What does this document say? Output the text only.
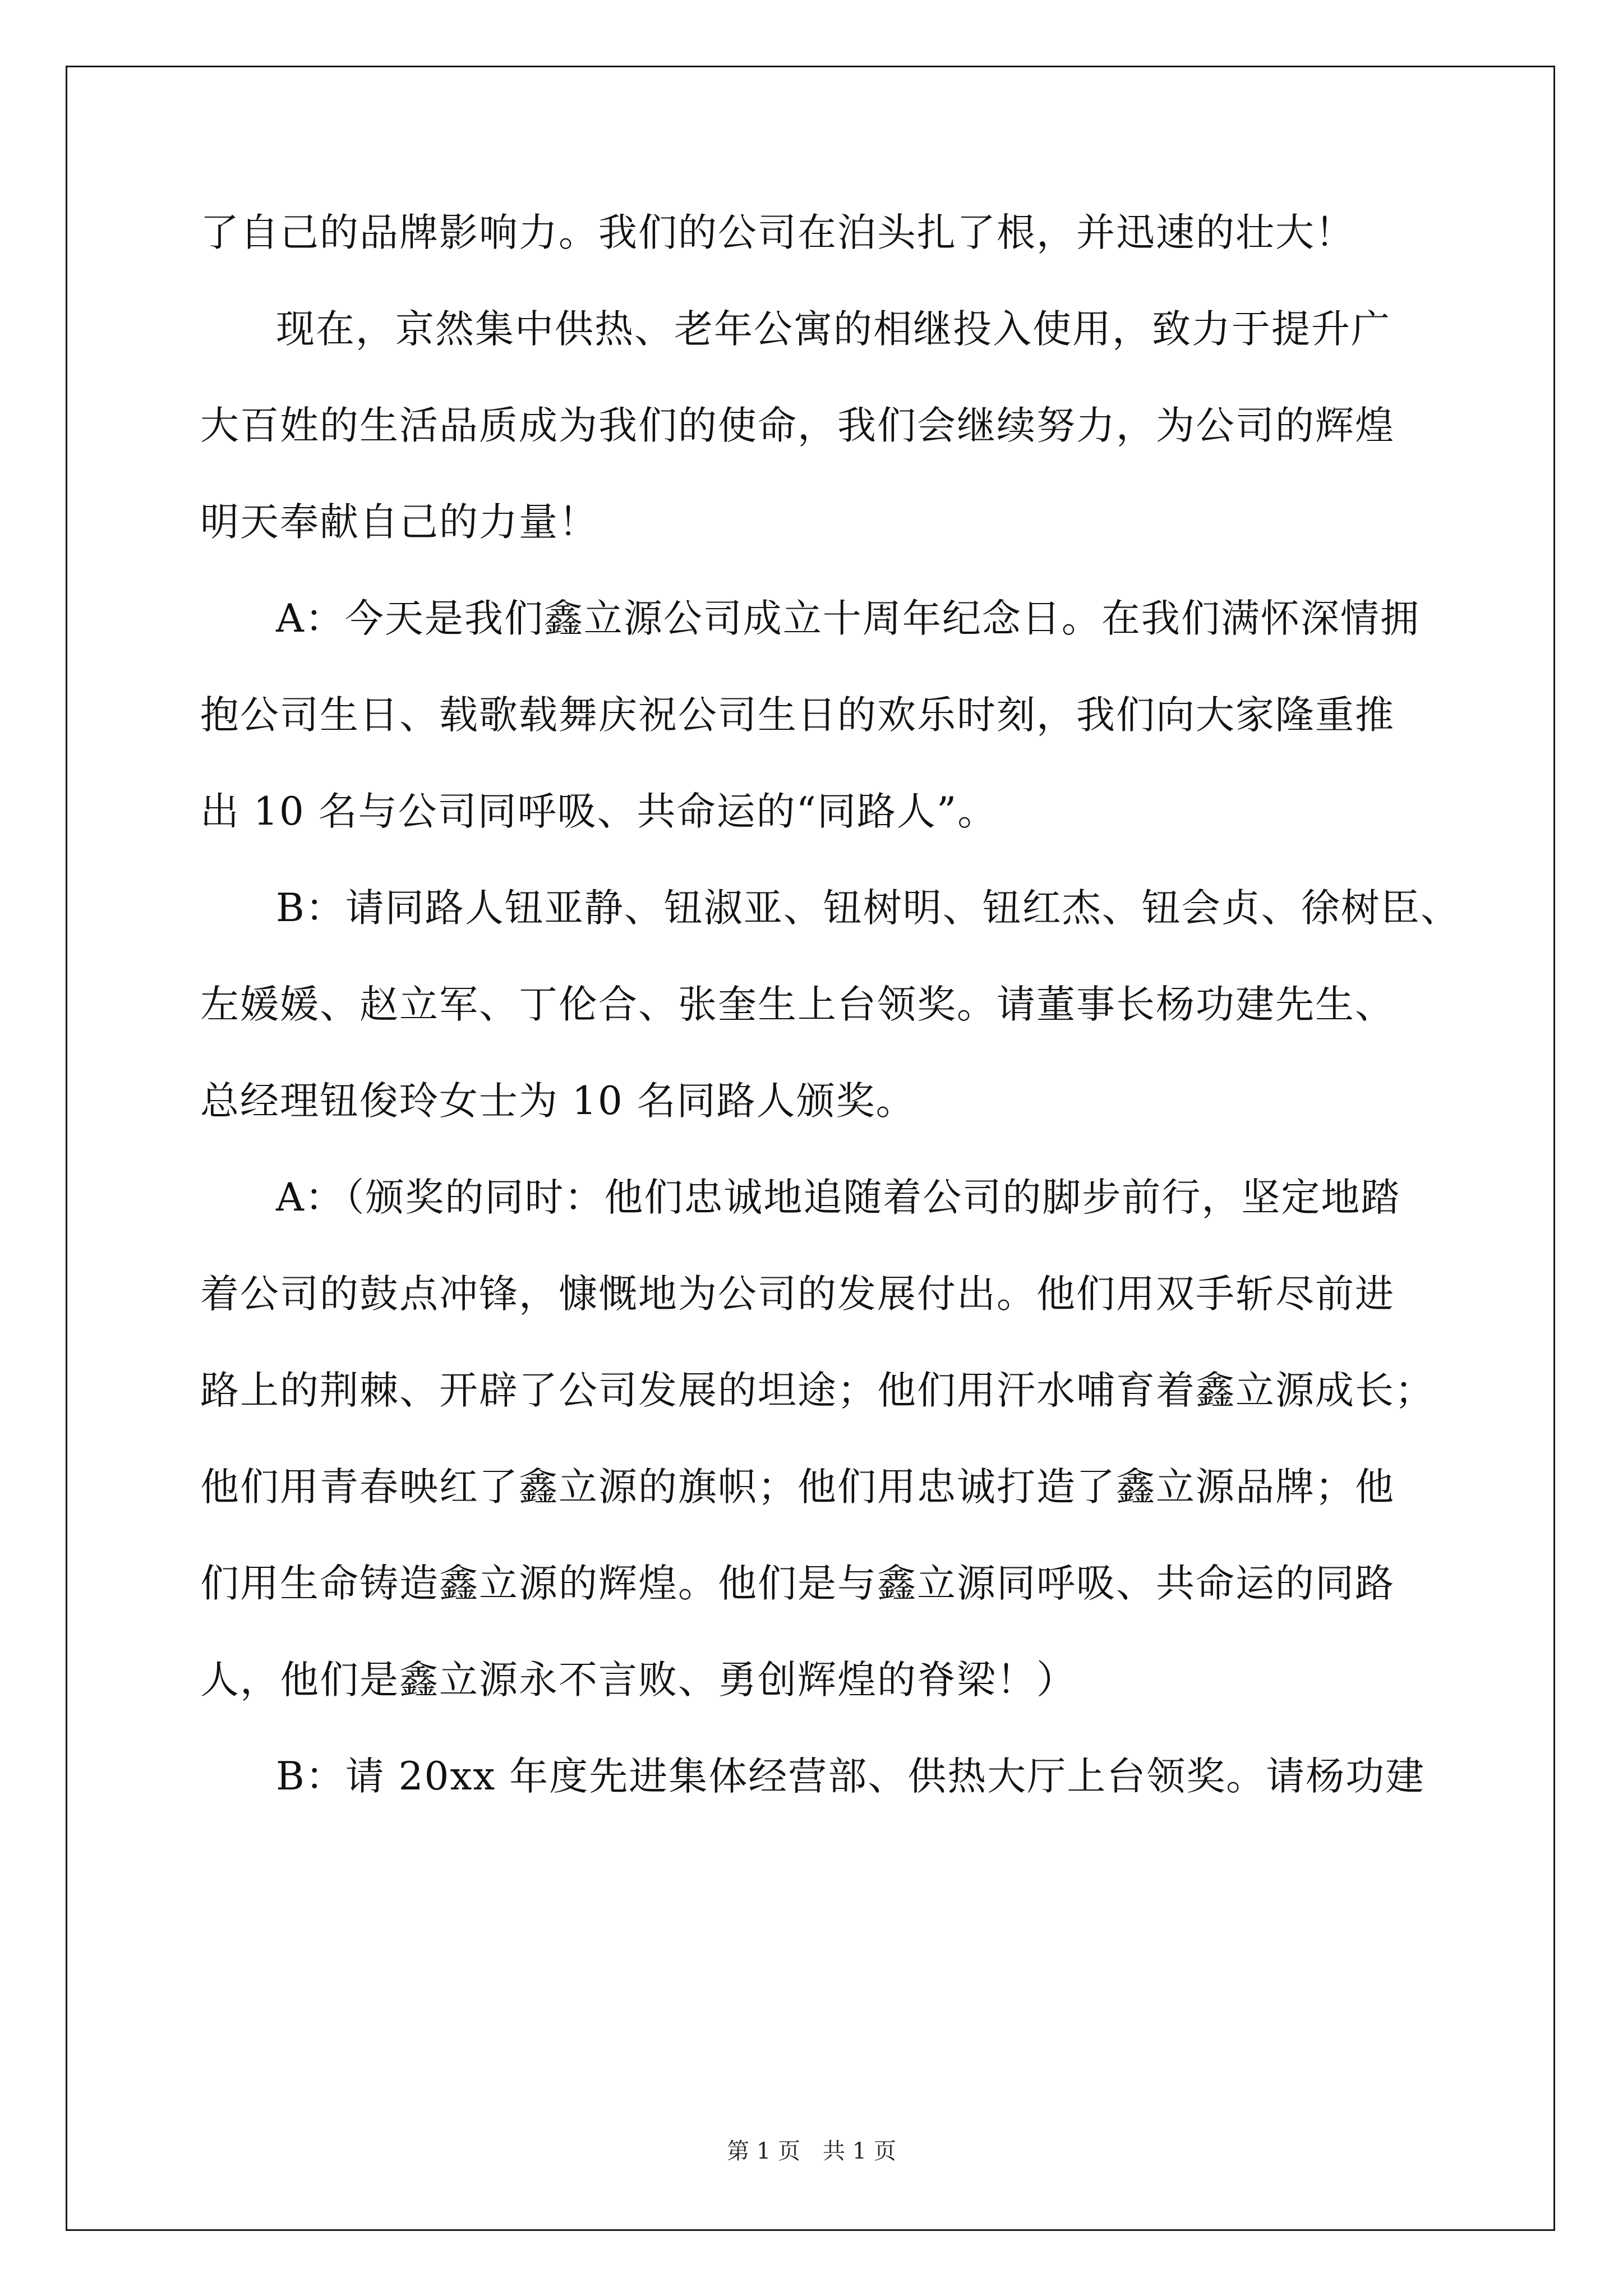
了自己的品牌影响力。我们的公司在泊头扎了根，并迅速的壮大！
现在，京然集中供热、老年公寓的相继投入使用，致力于提升广
大百姓的生活品质成为我们的使命，我们会继续努力，为公司的辉煌
明天奉献自己的力量！
A：今天是我们鑫立源公司成立十周年纪念日。在我们满怀深情拥
抱公司生日、载歌载舞庆祝公司生日的欢乐时刻，我们向大家隆重推
出 10 名与公司同呼吸、共命运的“同路人”。
B：请同路人钮亚静、钮淑亚、钮树明、钮红杰、钮会贞、徐树臣、
左媛媛、赵立军、丁伦合、张奎生上台领奖。请董事长杨功建先生、
总经理钮俊玲女士为 10 名同路人颁奖。
A：（颁奖的同时：他们忠诚地追随着公司的脚步前行，坚定地踏
着公司的鼓点冲锋，慷慨地为公司的发展付出。他们用双手斩尽前进
路上的荆棘、开辟了公司发展的坦途；他们用汗水哺育着鑫立源成长；
他们用青春映红了鑫立源的旗帜；他们用忠诚打造了鑫立源品牌；他
们用生命铸造鑫立源的辉煌。他们是与鑫立源同呼吸、共命运的同路
人，他们是鑫立源永不言败、勇创辉煌的脊梁！）
B：请 20xx 年度先进集体经营部、供热大厅上台领奖。请杨功建
第 1 页　共 1 页
